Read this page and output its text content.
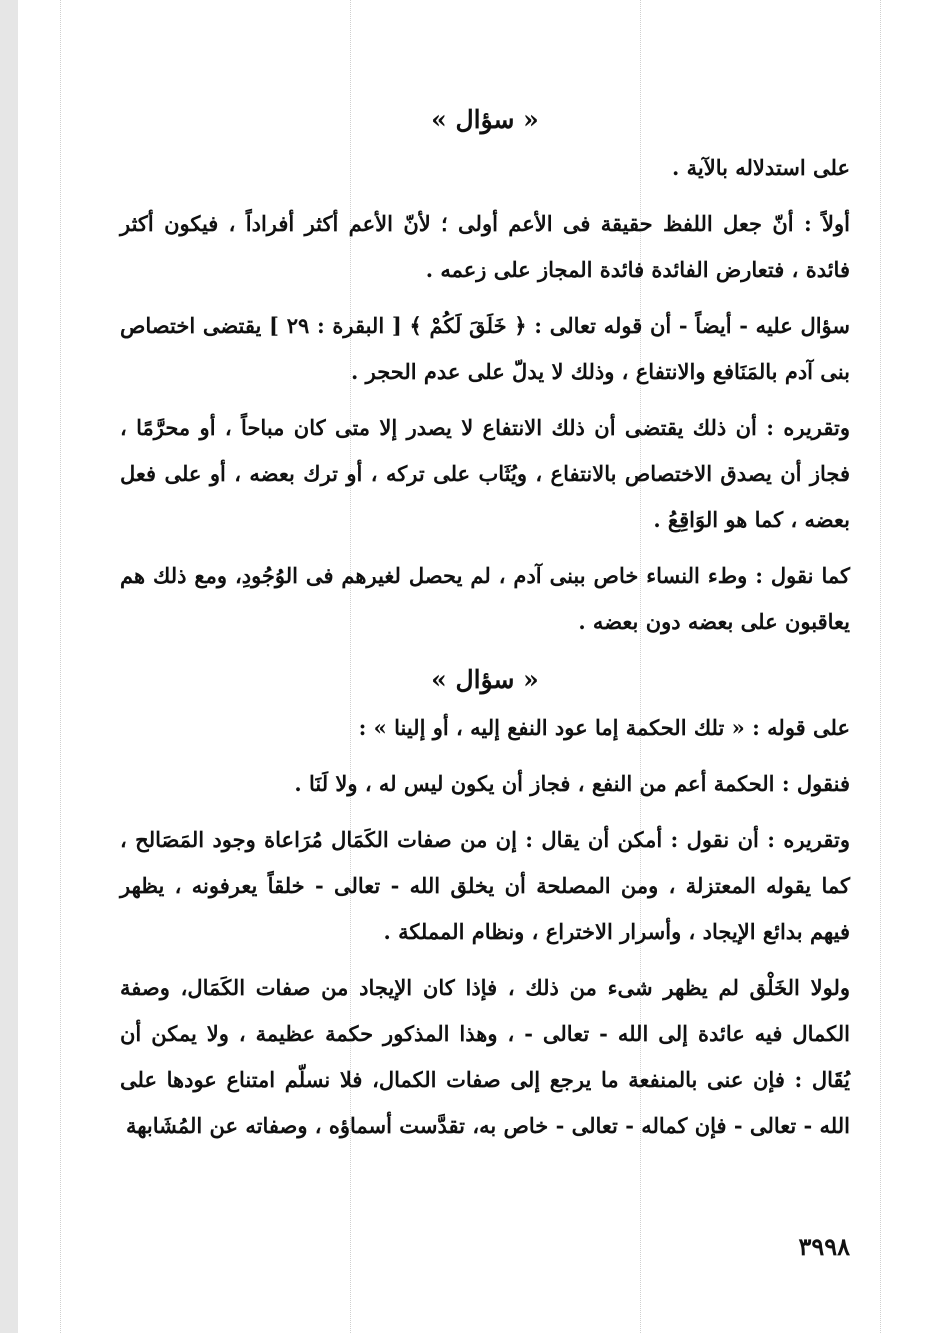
« سؤال »

على استدلاله بالآية .

أولاً : أنّ جعل اللفظ حقيقة فى الأعم أولى ؛ لأنّ الأعم أكثر أفراداً ، فيكون أكثر فائدة ، فتعارض الفائدة فائدة المجاز على زعمه .

سؤال عليه - أيضاً - أن قوله تعالى : ﴿ خَلَقَ لَكُمْ ﴾ [ البقرة : ٢٩ ] يقتضى اختصاص بنى آدم بالمَنَافع والانتفاع ، وذلك لا يدلّ على عدم الحجر .

وتقريره : أن ذلك يقتضى أن ذلك الانتفاع لا يصدر إلا متى كان مباحاً ، أو محرَّمًا ، فجاز أن يصدق الاختصاص بالانتفاع ، ويُثَاب على تركه ، أو ترك بعضه ، أو على فعل بعضه ، كما هو الوَاقِعُ .

كما نقول : وطء النساء خاص ببنى آدم ، لم يحصل لغيرهم فى الوُجُودِ، ومع ذلك هم يعاقبون على بعضه دون بعضه .

« سؤال »

على قوله : « تلك الحكمة إما عود النفع إليه ، أو إلينا » :

فنقول : الحكمة أعم من النفع ، فجاز أن يكون ليس له ، ولا لَنَا .

وتقريره : أن نقول : أمكن أن يقال : إن من صفات الكَمَال مُرَاعاة وجود المَصَالح ، كما يقوله المعتزلة ، ومن المصلحة أن يخلق الله - تعالى - خلقاً يعرفونه ، يظهر فيهم بدائع الإيجاد ، وأسرار الاختراع ، ونظام المملكة .

ولولا الخَلْق لم يظهر شىء من ذلك ، فإذا كان الإيجاد من صفات الكَمَال، وصفة الكمال فيه عائدة إلى الله - تعالى - ، وهذا المذكور حكمة عظيمة ، ولا يمكن أن يُقَال : فإن عنى بالمنفعة ما يرجع إلى صفات الكمال، فلا نسلّم امتناع عودها على الله - تعالى - فإن كماله - تعالى - خاص به، تقدَّست أسماؤه ، وصفاته عن المُشَابهة

٣٩٩٨
